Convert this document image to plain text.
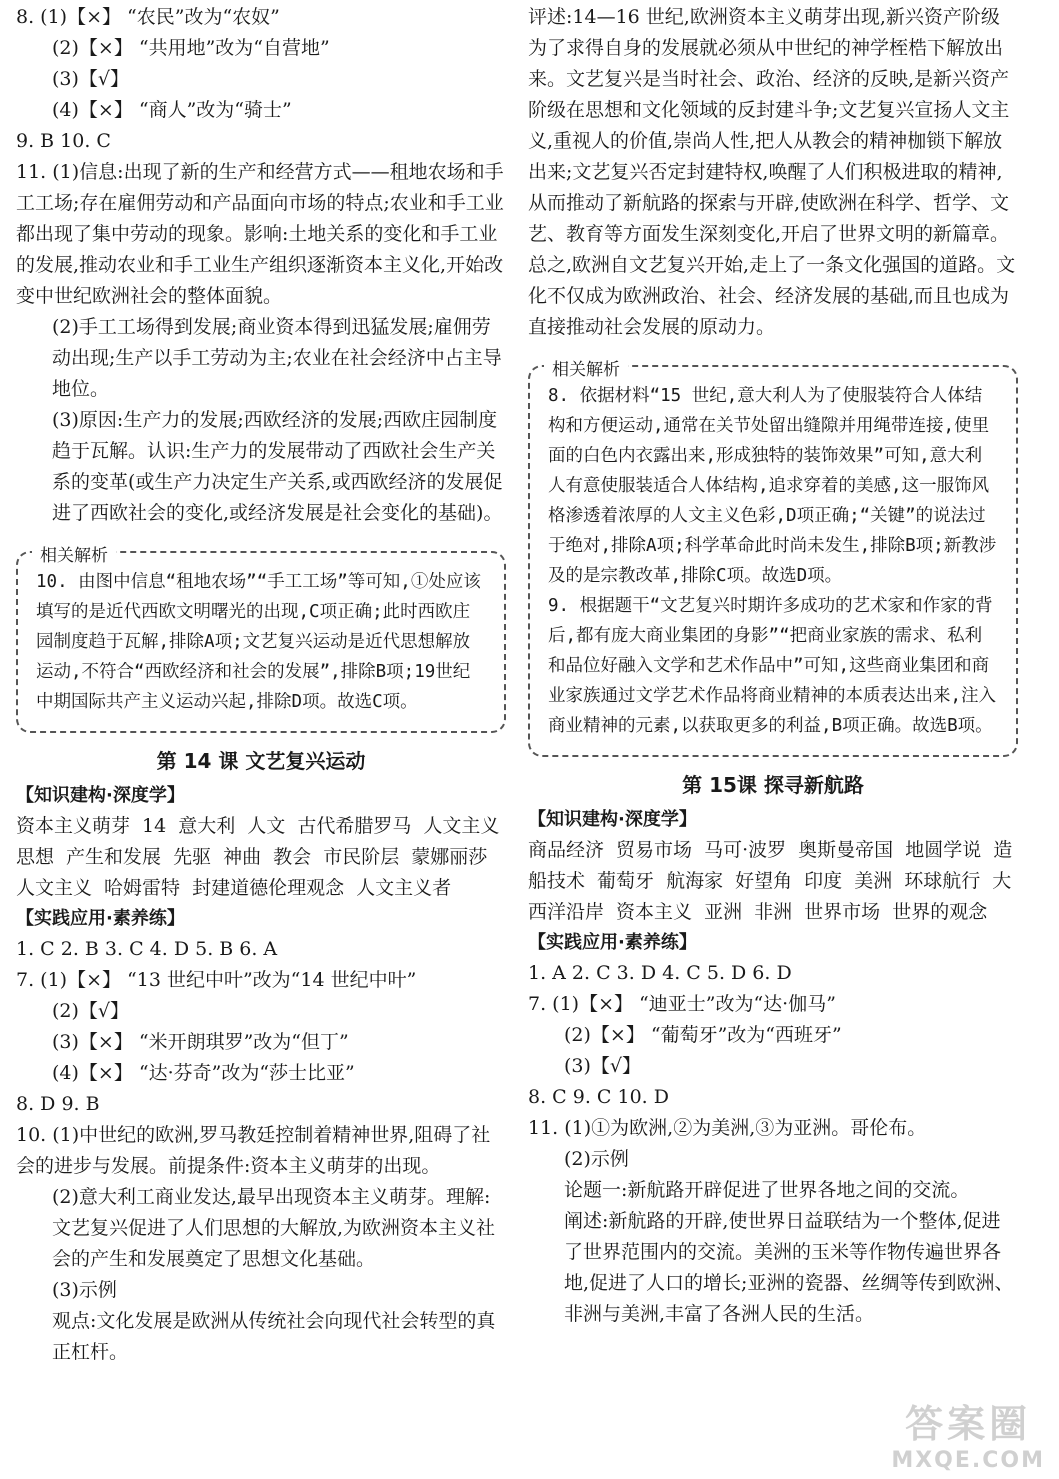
8. (1)【×】 “农民”改为“农奴”

(2)【×】 “共用地”改为“自营地”

(3)【√】

(4)【×】 “商人”改为“骑士”

9. B 10. C

11. (1)信息:出现了新的生产和经营方式——租地农场和手工工场;存在雇佣劳动和产品面向市场的特点;农业和手工业都出现了集中劳动的现象。影响:土地关系的变化和手工业的发展,推动农业和手工业生产组织逐渐资本主义化,开始改变中世纪欧洲社会的整体面貌。

(2)手工工场得到发展;商业资本得到迅猛发展;雇佣劳动出现;生产以手工劳动为主;农业在社会经济中占主导地位。

(3)原因:生产力的发展;西欧经济的发展;西欧庄园制度趋于瓦解。认识:生产力的发展带动了西欧社会生产关系的变革(或生产力决定生产关系,或西欧经济的发展促进了西欧社会的变化,或经济发展是社会变化的基础)。

相关解析

10. 由图中信息“租地农场”“手工工场”等可知,①处应该填写的是近代西欧文明曙光的出现,C项正确;此时西欧庄园制度趋于瓦解,排除A项;文艺复兴运动是近代思想解放运动,不符合“西欧经济和社会的发展”,排除B项;19世纪中期国际共产主义运动兴起,排除D项。故选C项。

第 14 课 文艺复兴运动
【知识建构·深度学】

资本主义萌芽 14 意大利 人文 古代希腊罗马 人文主义 思想 产生和发展 先驱 神曲 教会 市民阶层 蒙娜丽莎 人文主义 哈姆雷特 封建道德伦理观念 人文主义者

【实践应用·素养练】

1. C 2. B 3. C 4. D 5. B 6. A

7. (1)【×】 “13 世纪中叶”改为“14 世纪中叶”

(2)【√】

(3)【×】 “米开朗琪罗”改为“但丁”

(4)【×】 “达·芬奇”改为“莎士比亚”

8. D 9. B

10. (1)中世纪的欧洲,罗马教廷控制着精神世界,阻碍了社会的进步与发展。前提条件:资本主义萌芽的出现。

(2)意大利工商业发达,最早出现资本主义萌芽。理解:文艺复兴促进了人们思想的大解放,为欧洲资本主义社会的产生和发展奠定了思想文化基础。

(3)示例

观点:文化发展是欧洲从传统社会向现代社会转型的真正杠杆。

评述:14—16 世纪,欧洲资本主义萌芽出现,新兴资产阶级为了求得自身的发展就必须从中世纪的神学桎梏下解放出来。文艺复兴是当时社会、政治、经济的反映,是新兴资产阶级在思想和文化领域的反封建斗争;文艺复兴宣扬人文主义,重视人的价值,崇尚人性,把人从教会的精神枷锁下解放出来;文艺复兴否定封建特权,唤醒了人们积极进取的精神,从而推动了新航路的探索与开辟,使欧洲在科学、哲学、文艺、教育等方面发生深刻变化,开启了世界文明的新篇章。总之,欧洲自文艺复兴开始,走上了一条文化强国的道路。文化不仅成为欧洲政治、社会、经济发展的基础,而且也成为直接推动社会发展的原动力。

相关解析

8. 依据材料“15 世纪,意大利人为了使服装符合人体结构和方便运动,通常在关节处留出缝隙并用绳带连接,使里面的白色内衣露出来,形成独特的装饰效果”可知,意大利人有意使服装适合人体结构,追求穿着的美感,这一服饰风格渗透着浓厚的人文主义色彩,D项正确;“关键”的说法过于绝对,排除A项;科学革命此时尚未发生,排除B项;新教涉及的是宗教改革,排除C项。故选D项。

9. 根据题干“文艺复兴时期许多成功的艺术家和作家的背后,都有庞大商业集团的身影”“把商业家族的需求、私利和品位好融入文学和艺术作品中”可知,这些商业集团和商业家族通过文学艺术作品将商业精神的本质表达出来,注入商业精神的元素,以获取更多的利益,B项正确。故选B项。

第 15课 探寻新航路
【知识建构·深度学】

商品经济 贸易市场 马可·波罗 奥斯曼帝国 地圆学说 造船技术 葡萄牙 航海家 好望角 印度 美洲 环球航行 大西洋沿岸 资本主义 亚洲 非洲 世界市场 世界的观念

【实践应用·素养练】

1. A 2. C 3. D 4. C 5. D 6. D

7. (1)【×】 “迪亚士”改为“达·伽马”

(2)【×】 “葡萄牙”改为“西班牙”

(3)【√】

8. C 9. C 10. D

11. (1)①为欧洲,②为美洲,③为亚洲。哥伦布。

(2)示例

论题一:新航路开辟促进了世界各地之间的交流。

阐述:新航路的开辟,使世界日益联结为一个整体,促进了世界范围内的交流。美洲的玉米等作物传遍世界各地,促进了人口的增长;亚洲的瓷器、丝绸等传到欧洲、非洲与美洲,丰富了各洲人民的生活。

答案圈
MXQE.COM
